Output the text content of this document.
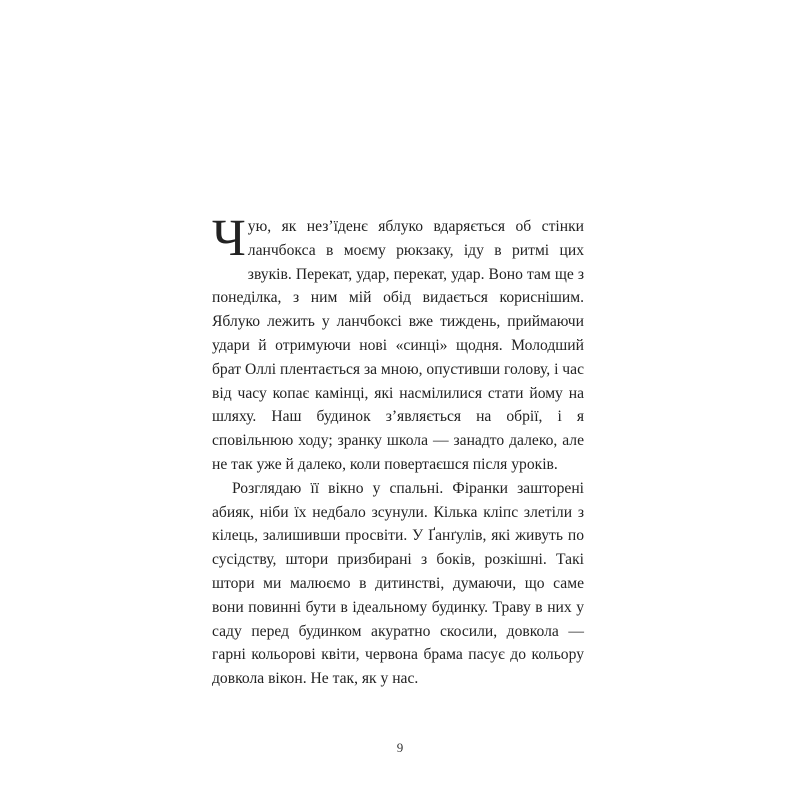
Чую, як нез’їденє яблуко вдаряється об стінки ланчбокса в моєму рюкзаку, іду в ритмі цих звуків. Перекат, удар, перекат, удар. Воно там ще з понеділка, з ним мій обід видається кориснішим. Яблуко лежить у ланчбоксі вже тиждень, приймаючи удари й отримуючи нові «синці» щодня. Молодший брат Оллі плентається за мною, опустивши голову, і час від часу копає камінці, які насмілилися стати йому на шляху. Наш будинок з’являється на обрії, і я сповільнюю ходу; зранку школа — занадто далеко, але не так уже й далеко, коли повертаєшся після уроків.

Розглядаю її вікно у спальні. Фіранки зашторені абияк, ніби їх недбало зсунули. Кілька кліпс злетіли з кілець, залишивши просвіти. У Ґанґулів, які живуть по сусідству, штори призбирані з боків, розкішні. Такі штори ми малюємо в дитинстві, думаючи, що саме вони повинні бути в ідеальному будинку. Траву в них у саду перед будинком акуратно скосили, довкола — гарні кольорові квіти, червона брама пасує до кольору довкола вікон. Не так, як у нас.

9
